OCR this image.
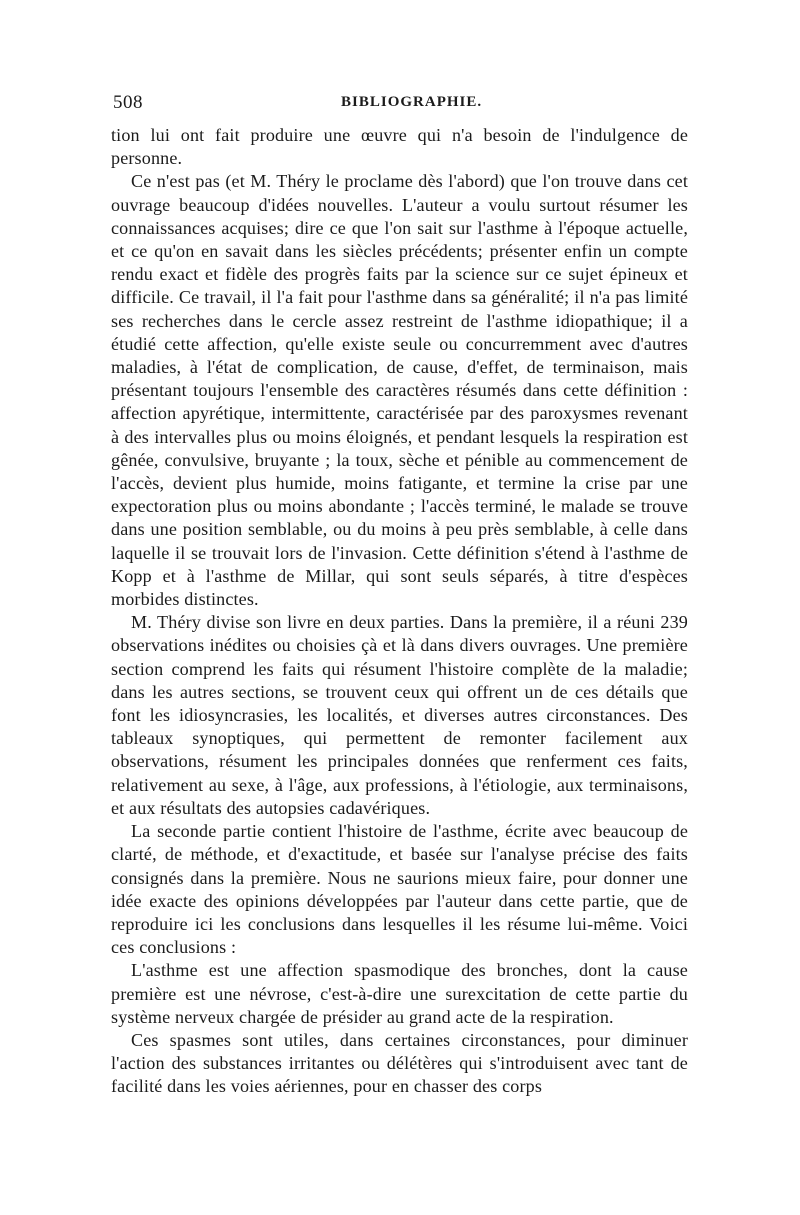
508	BIBLIOGRAPHIE.

tion lui ont fait produire une œuvre qui n'a besoin de l'indulgence de personne.

Ce n'est pas (et M. Théry le proclame dès l'abord) que l'on trouve dans cet ouvrage beaucoup d'idées nouvelles. L'auteur a voulu surtout résumer les connaissances acquises; dire ce que l'on sait sur l'asthme à l'époque actuelle, et ce qu'on en savait dans les siècles précédents; présenter enfin un compte rendu exact et fidèle des progrès faits par la science sur ce sujet épineux et difficile. Ce travail, il l'a fait pour l'asthme dans sa généralité; il n'a pas limité ses recherches dans le cercle assez restreint de l'asthme idiopathique; il a étudié cette affection, qu'elle existe seule ou concurremment avec d'autres maladies, à l'état de complication, de cause, d'effet, de terminaison, mais présentant toujours l'ensemble des caractères résumés dans cette définition : affection apyrétique, intermittente, caractérisée par des paroxysmes revenant à des intervalles plus ou moins éloignés, et pendant lesquels la respiration est gênée, convulsive, bruyante ; la toux, sèche et pénible au commencement de l'accès, devient plus humide, moins fatigante, et termine la crise par une expectoration plus ou moins abondante ; l'accès terminé, le malade se trouve dans une position semblable, ou du moins à peu près semblable, à celle dans laquelle il se trouvait lors de l'invasion. Cette définition s'étend à l'asthme de Kopp et à l'asthme de Millar, qui sont seuls séparés, à titre d'espèces morbides distinctes.

M. Théry divise son livre en deux parties. Dans la première, il a réuni 239 observations inédites ou choisies çà et là dans divers ouvrages. Une première section comprend les faits qui résument l'histoire complète de la maladie; dans les autres sections, se trouvent ceux qui offrent un de ces détails que font les idiosyncrasies, les localités, et diverses autres circonstances. Des tableaux synoptiques, qui permettent de remonter facilement aux observations, résument les principales données que renferment ces faits, relativement au sexe, à l'âge, aux professions, à l'étiologie, aux terminaisons, et aux résultats des autopsies cadavériques.

La seconde partie contient l'histoire de l'asthme, écrite avec beaucoup de clarté, de méthode, et d'exactitude, et basée sur l'analyse précise des faits consignés dans la première. Nous ne saurions mieux faire, pour donner une idée exacte des opinions développées par l'auteur dans cette partie, que de reproduire ici les conclusions dans lesquelles il les résume lui-même. Voici ces conclusions :

L'asthme est une affection spasmodique des bronches, dont la cause première est une névrose, c'est-à-dire une surexcitation de cette partie du système nerveux chargée de présider au grand acte de la respiration.

Ces spasmes sont utiles, dans certaines circonstances, pour diminuer l'action des substances irritantes ou délétères qui s'introduisent avec tant de facilité dans les voies aériennes, pour en chasser des corps
